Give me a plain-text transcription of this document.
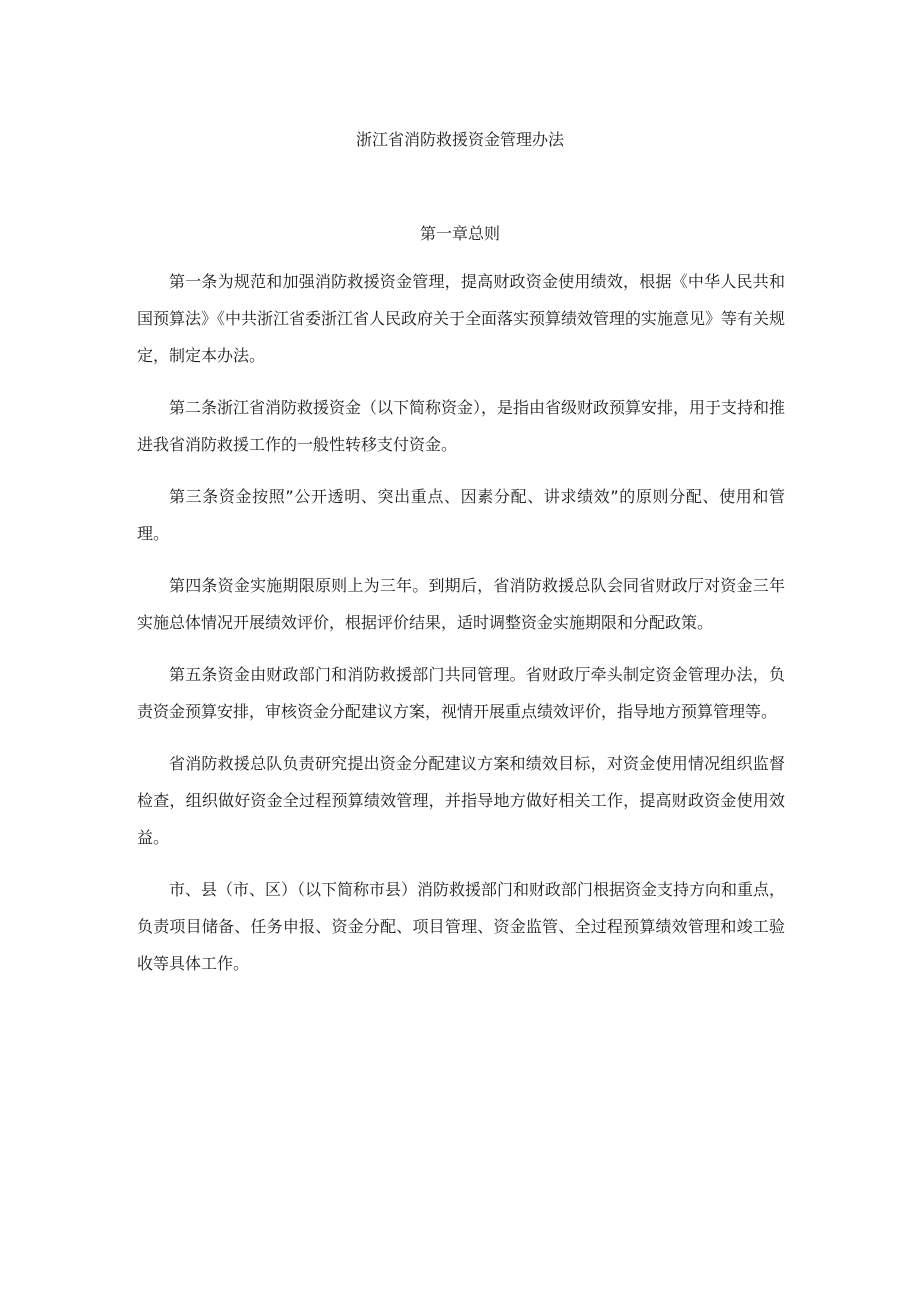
浙江省消防救援资金管理办法
第一章总则

第一条为规范和加强消防救援资金管理，提高财政资金使用绩效，根据《中华人民共和国预算法》《中共浙江省委浙江省人民政府关于全面落实预算绩效管理的实施意见》等有关规定，制定本办法。

第二条浙江省消防救援资金（以下简称资金），是指由省级财政预算安排，用于支持和推进我省消防救援工作的一般性转移支付资金。

第三条资金按照”公开透明、突出重点、因素分配、讲求绩效”的原则分配、使用和管理。

第四条资金实施期限原则上为三年。到期后，省消防救援总队会同省财政厅对资金三年实施总体情况开展绩效评价，根据评价结果，适时调整资金实施期限和分配政策。

第五条资金由财政部门和消防救援部门共同管理。省财政厅牵头制定资金管理办法，负责资金预算安排，审核资金分配建议方案，视情开展重点绩效评价，指导地方预算管理等。

省消防救援总队负责研究提出资金分配建议方案和绩效目标，对资金使用情况组织监督检查，组织做好资金全过程预算绩效管理，并指导地方做好相关工作，提高财政资金使用效益。

市、县（市、区）（以下简称市县）消防救援部门和财政部门根据资金支持方向和重点，负责项目储备、任务申报、资金分配、项目管理、资金监管、全过程预算绩效管理和竣工验收等具体工作。
